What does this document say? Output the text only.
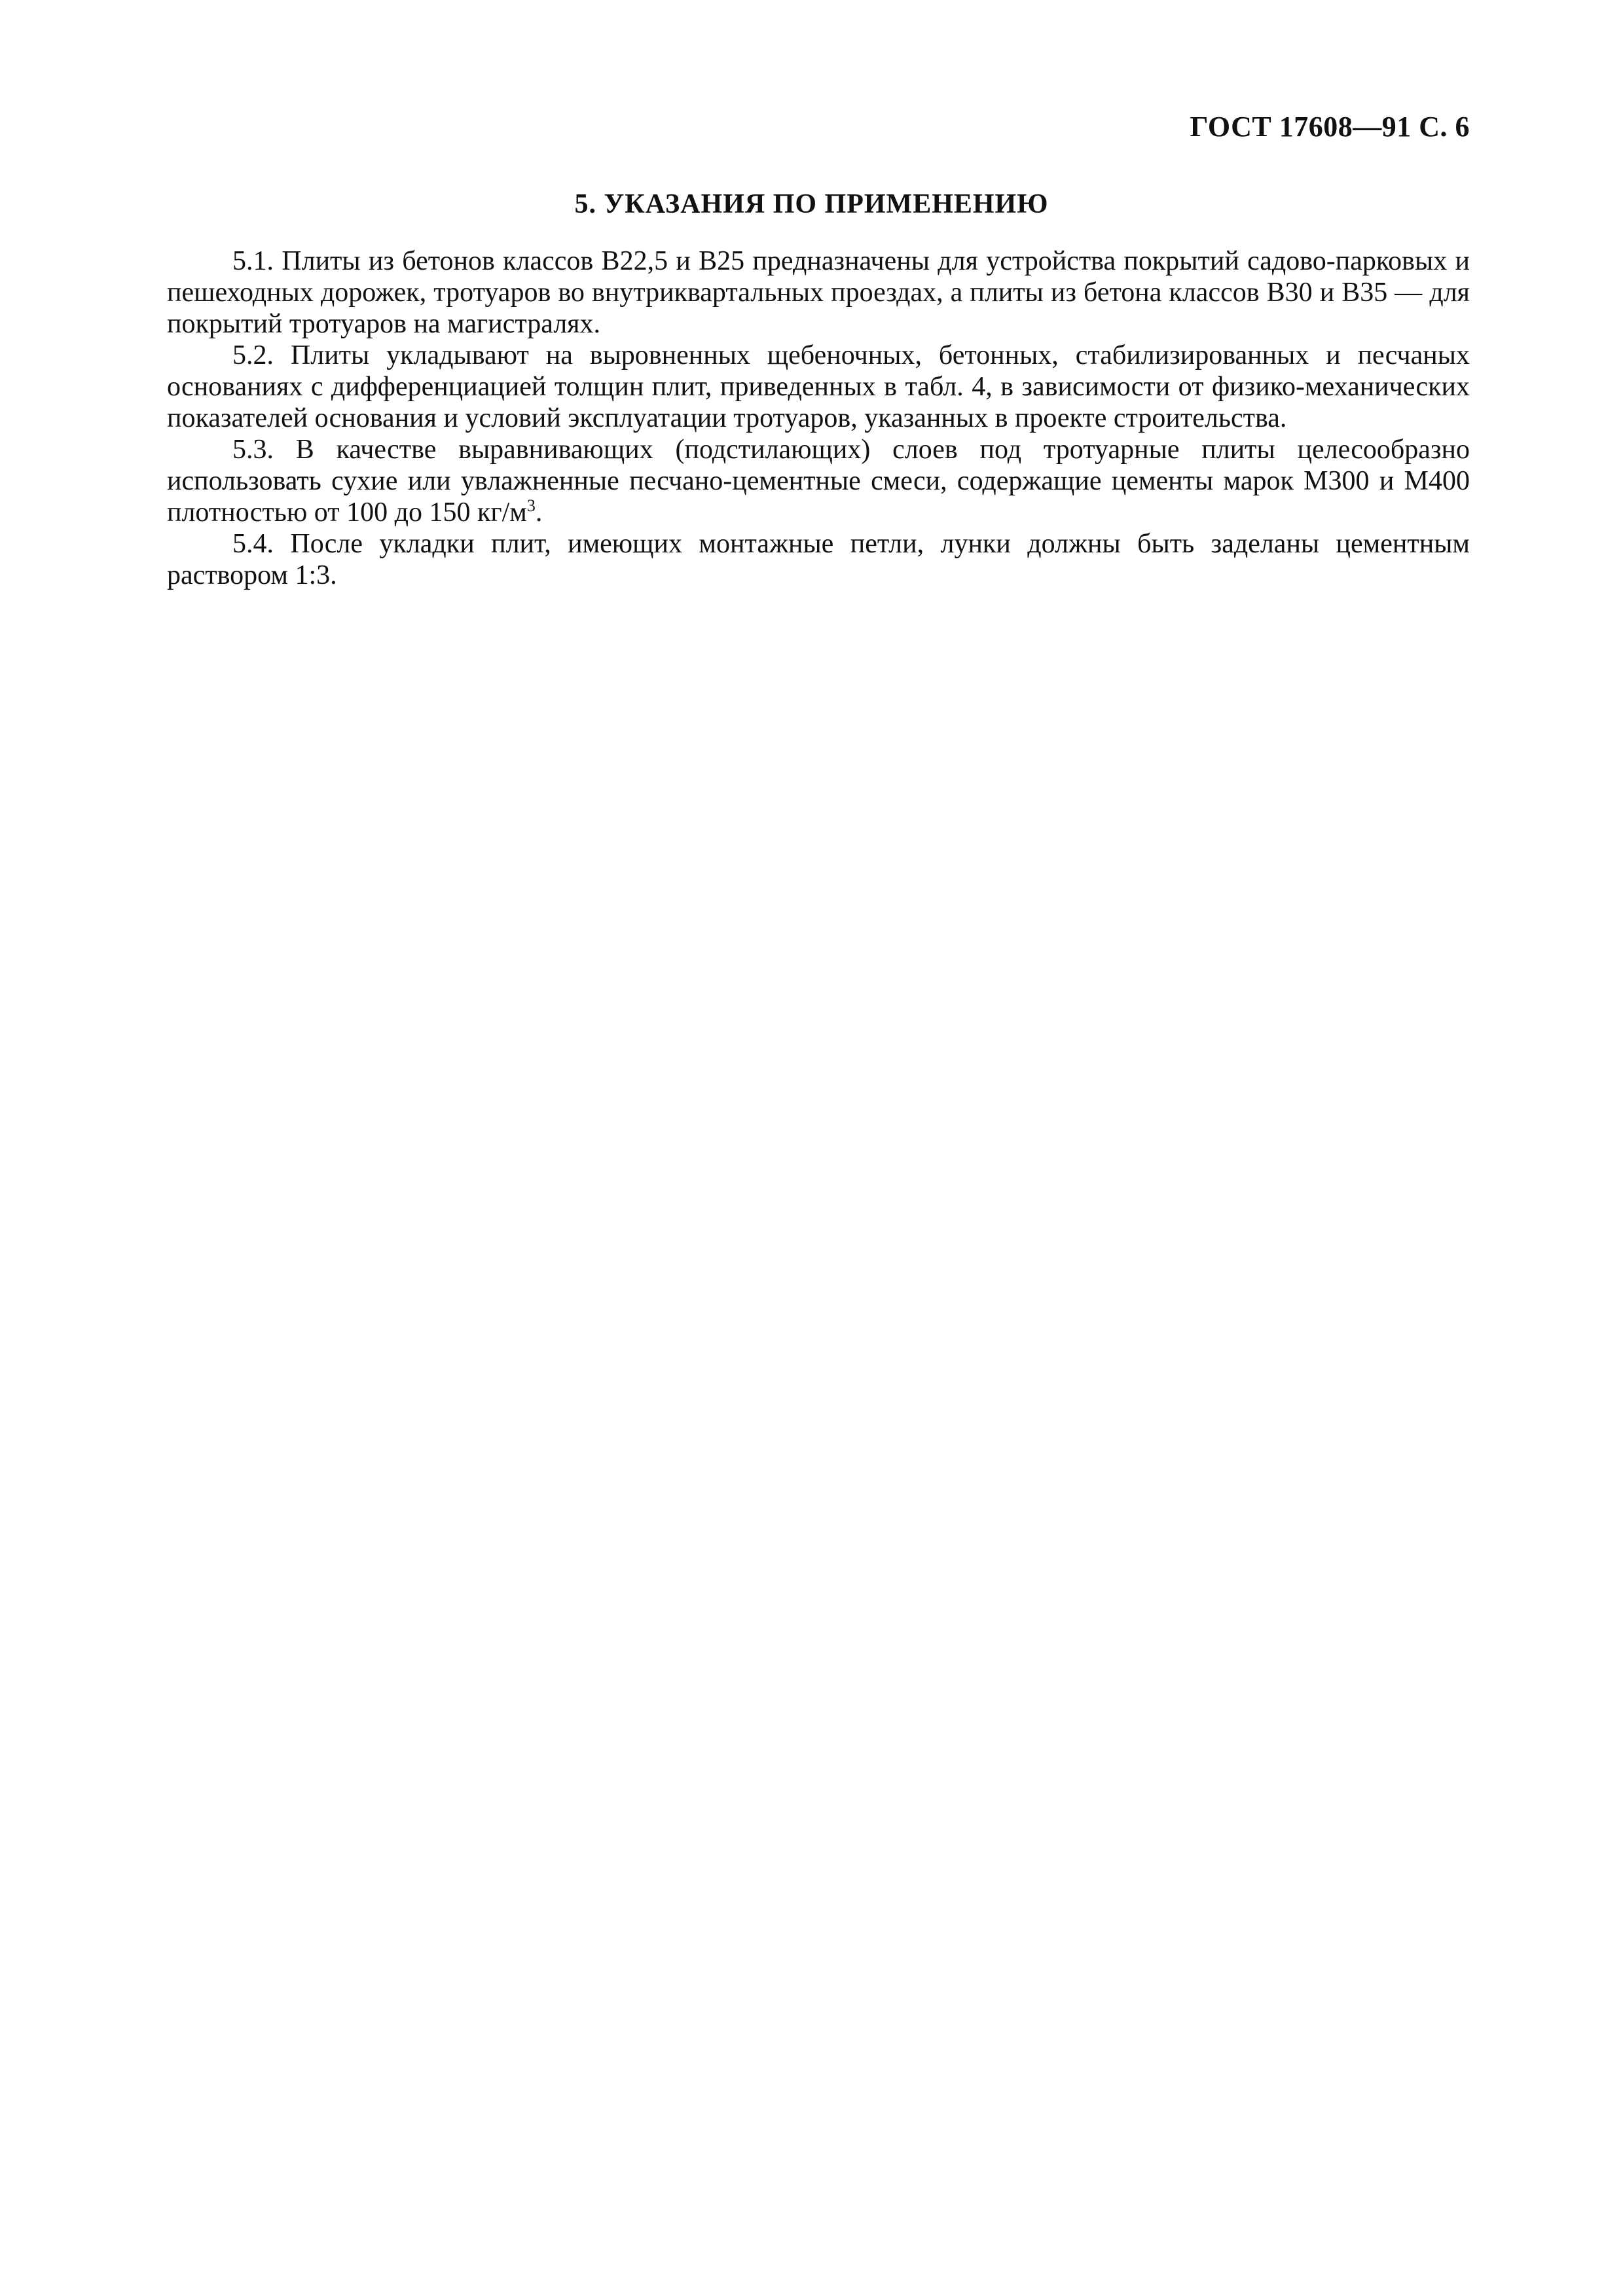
ГОСТ 17608—91 С. 6
5. УКАЗАНИЯ ПО ПРИМЕНЕНИЮ

5.1. Плиты из бетонов классов В22,5 и В25 предназначены для устройства покрытий садово-парковых и пешеходных дорожек, тротуаров во внутриквартальных проездах, а плиты из бетона классов В30 и В35 — для покрытий тротуаров на магистралях.

5.2. Плиты укладывают на выровненных щебеночных, бетонных, стабилизированных и песчаных основаниях с дифференциацией толщин плит, приведенных в табл. 4, в зависимости от физико-механических показателей основания и условий эксплуатации тротуаров, указанных в проекте строительства.

5.3. В качестве выравнивающих (подстилающих) слоев под тротуарные плиты целесообразно использовать сухие или увлажненные песчано-цементные смеси, содержащие цементы марок М300 и М400 плотностью от 100 до 150 $кг/м^3$.

5.4. После укладки плит, имеющих монтажные петли, лунки должны быть заделаны цементным раствором 1:3.
